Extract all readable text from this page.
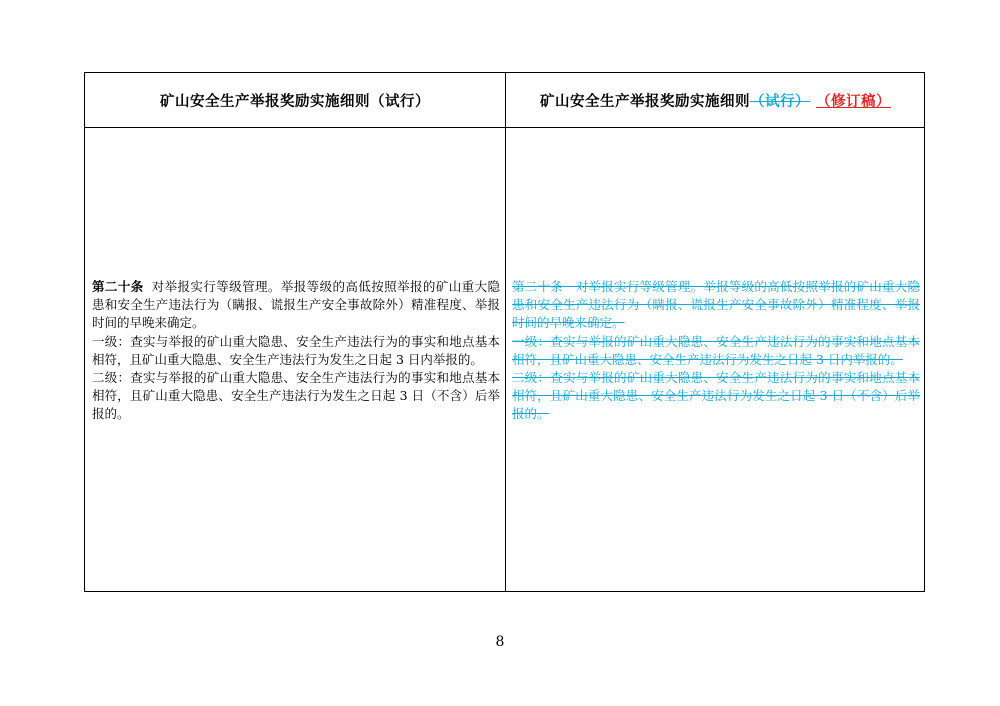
矿山安全生产举报奖励实施细则（试行）	矿山安全生产举报奖励实施细则 （试行） （修订稿）

第二十条 对举报实行等级管理。举报等级的高低按照举报的矿山重大隐患和安全生产违法行为（瞒报、谎报生产安全事故除外）精准程度、举报时间的早晚来确定。

一级：查实与举报的矿山重大隐患、安全生产违法行为的事实和地点基本相符，且矿山重大隐患、安全生产违法行为发生之日起 3 日内举报的。

二级：查实与举报的矿山重大隐患、安全生产违法行为的事实和地点基本相符，且矿山重大隐患、安全生产违法行为发生之日起 3 日（不含）后举报的。

第二十条　对举报实行等级管理。举报等级的高低按照举报的矿山重大隐患和安全生产违法行为（瞒报、谎报生产安全事故除外）精准程度、举报时间的早晚来确定。

一级：查实与举报的矿山重大隐患、安全生产违法行为的事实和地点基本相符，且矿山重大隐患、安全生产违法行为发生之日起 3 日内举报的。

二级：查实与举报的矿山重大隐患、安全生产违法行为的事实和地点基本相符，且矿山重大隐患、安全生产违法行为发生之日起 3 日（不含）后举报的。

8
